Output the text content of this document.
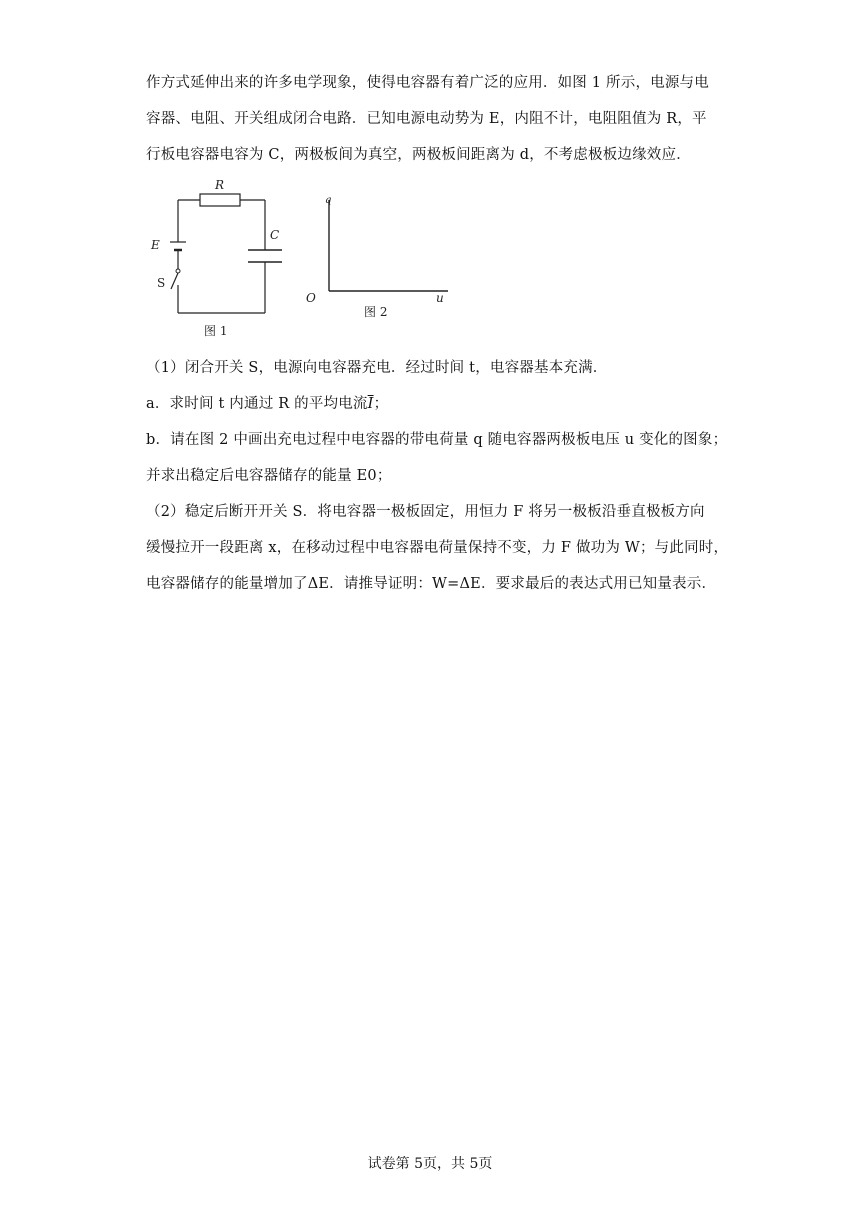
作方式延伸出来的许多电学现象，使得电容器有着广泛的应用．如图 1 所示，电源与电
容器、电阻、开关组成闭合电路．已知电源电动势为 E，内阻不计，电阻阻值为 R，平
行板电容器电容为 C，两极板间为真空，两极板间距离为 d，不考虑极板边缘效应．
R
C
E
S
图 1
q
O	u
图 2
（1）闭合开关 S，电源向电容器充电．经过时间 t，电容器基本充满．
a．求时间 t 内通过 R 的平均电流$\overline{I}$；
b．请在图 2 中画出充电过程中电容器的带电荷量 q 随电容器两极板电压 u 变化的图象；
并求出稳定后电容器储存的能量 E0；
（2）稳定后断开开关 S．将电容器一极板固定，用恒力 F 将另一极板沿垂直极板方向
缓慢拉开一段距离 x，在移动过程中电容器电荷量保持不变，力 F 做功为 W；与此同时，
电容器储存的能量增加了ΔE．请推导证明：W=ΔE．要求最后的表达式用已知量表示．
试卷第 5页，共 5页
